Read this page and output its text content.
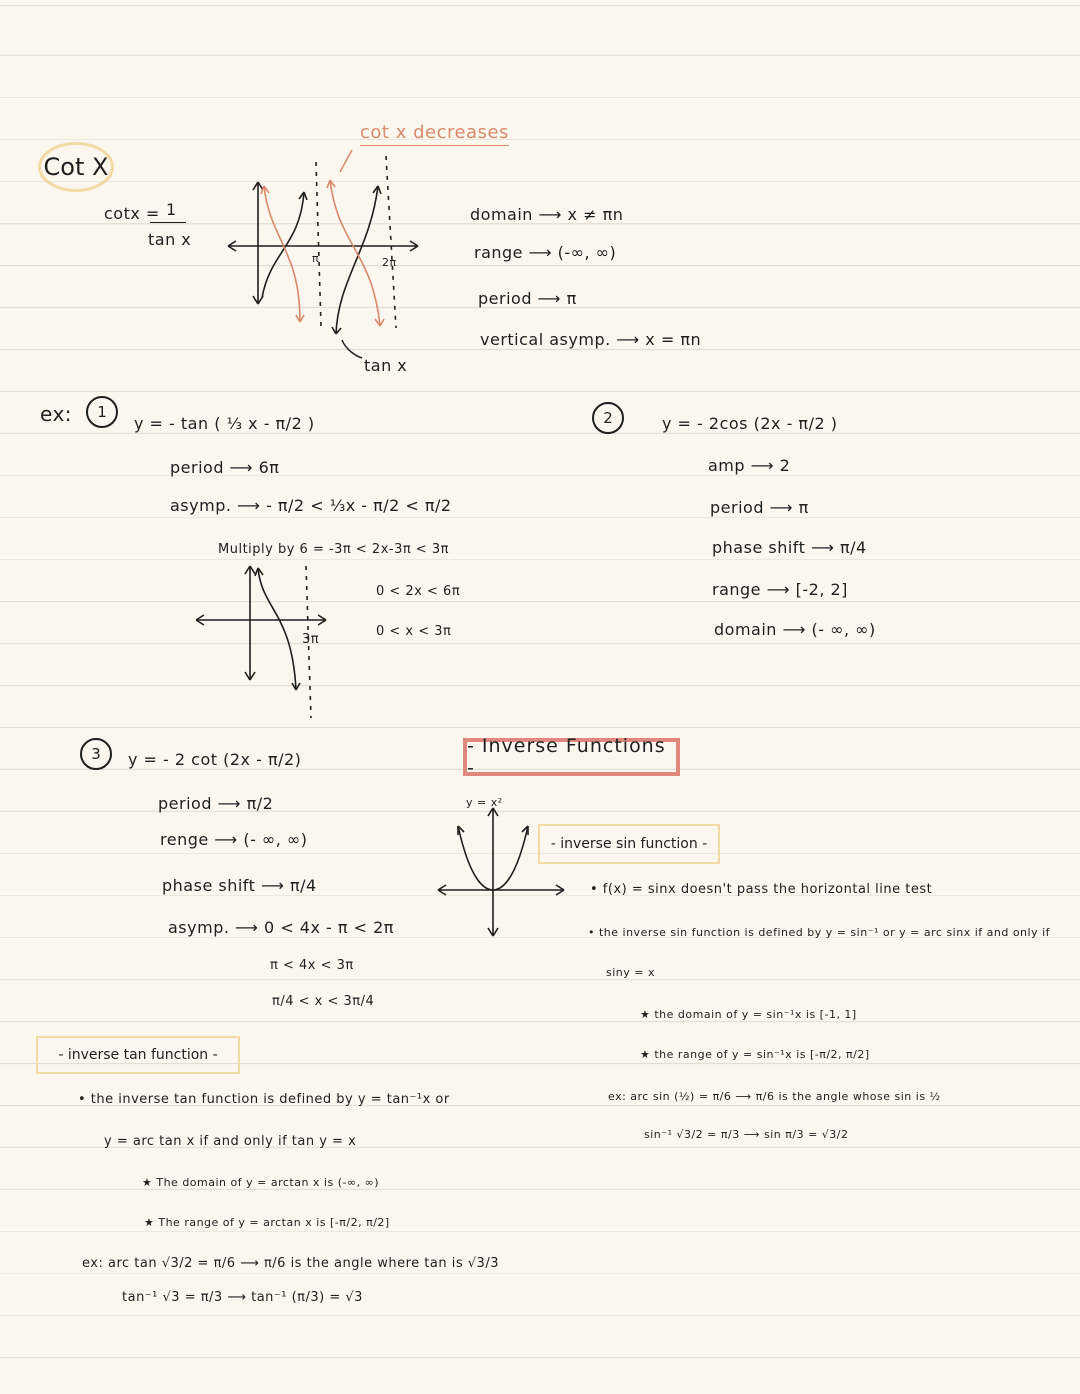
Cot X
cotx = 1
tan x
cot x decreases
π	2π
tan x
domain ⟶ x ≠ πn
range ⟶ (-∞, ∞)
period ⟶ π
vertical asymp. ⟶ x = πn
ex: 1
y = - tan ( ⅓ x - π/2 )
period ⟶ 6π
asymp. ⟶ - π/2 < ⅓x - π/2 < π/2
Multiply by 6 = -3π < 2x-3π < 3π
0 < 2x < 6π
0 < x < 3π
3π
2	y = - 2cos (2x - π/2 )
amp ⟶ 2
period ⟶ π
phase shift ⟶ π/4
range ⟶ [-2, 2]
domain ⟶ (- ∞, ∞)
3 y = - 2 cot (2x - π/2)
period ⟶ π/2
renge ⟶ (- ∞, ∞)
phase shift ⟶ π/4
asymp. ⟶ 0 < 4x - π < 2π
π < 4x < 3π
π/4 < x < 3π/4
- Inverse Functions -
y = x²
- inverse sin function -
• f(x) = sinx doesn't pass the horizontal line test
• the inverse sin function is defined by y = sin⁻¹ or y = arc sinx if and only if
siny = x
★ the domain of y = sin⁻¹x is [-1, 1]
★ the range of y = sin⁻¹x is [-π/2, π/2]
ex: arc sin (½) = π/6 ⟶ π/6 is the angle whose sin is ½
sin⁻¹ √3/2 = π/3 ⟶ sin π/3 = √3/2
- inverse tan function -
• the inverse tan function is defined by y = tan⁻¹x or
y = arc tan x if and only if tan y = x
★ The domain of y = arctan x is (-∞, ∞)
★ The range of y = arctan x is [-π/2, π/2]
ex: arc tan √3/2 = π/6 ⟶ π/6 is the angle where tan is √3/3
tan⁻¹ √3 = π/3 ⟶ tan⁻¹ (π/3) = √3
